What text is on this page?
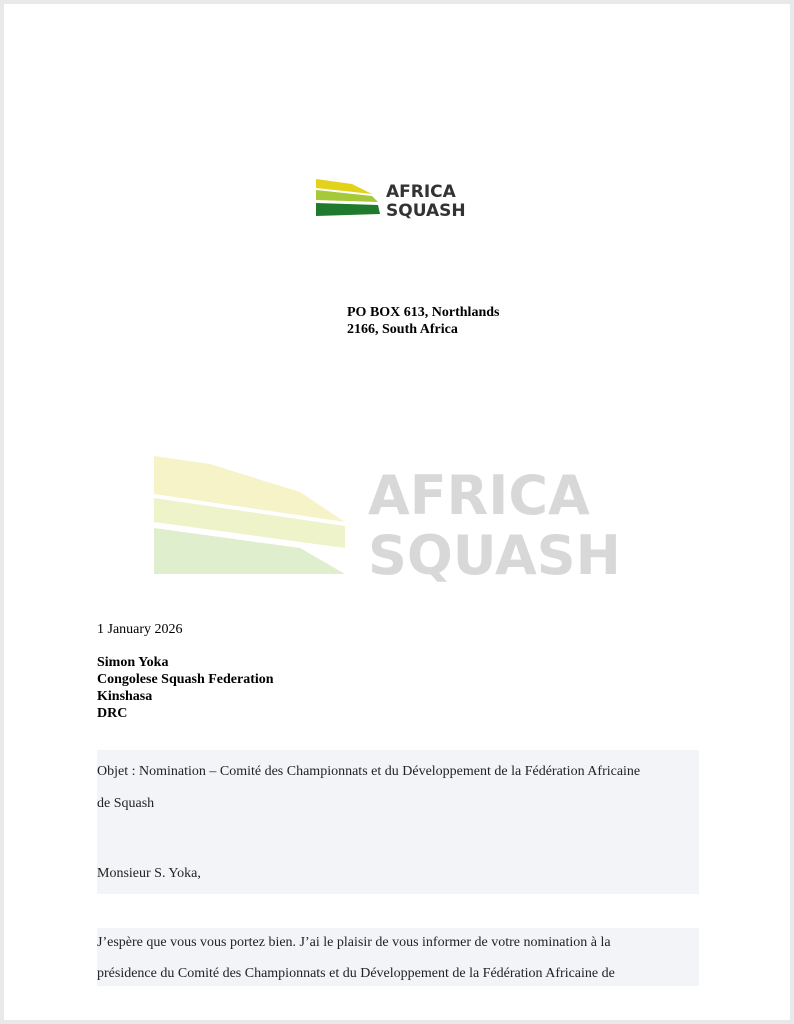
AFRICA
SQUASH
PO BOX 613, Northlands
2166, South Africa
AFRICA
SQUASH
1 January 2026
Simon Yoka
Congolese Squash Federation
Kinshasa
DRC
Objet : Nomination – Comité des Championnats et du Développement de la Fédération Africaine
de Squash
Monsieur S. Yoka,
J’espère que vous vous portez bien. J’ai le plaisir de vous informer de votre nomination à la
présidence du Comité des Championnats et du Développement de la Fédération Africaine de
